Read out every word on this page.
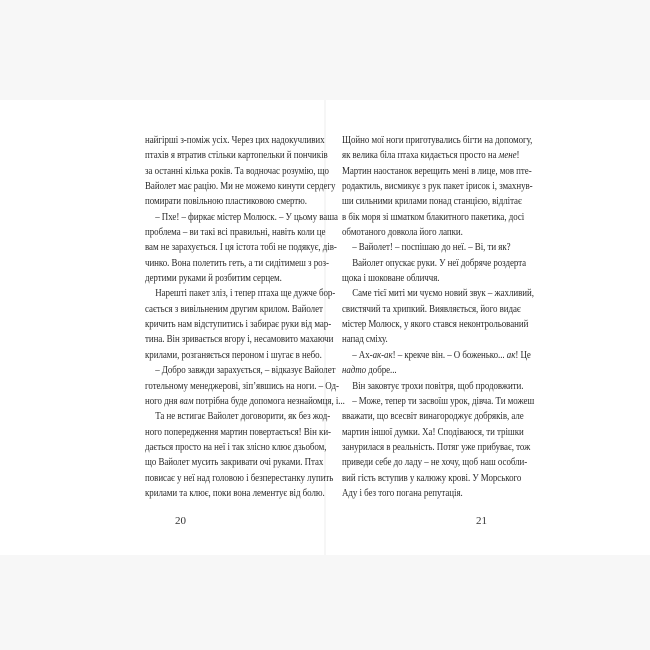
найгірші з-поміж усіх. Через цих надокучливих
птахів я втратив стільки картопельки й пончиків
за останні кілька років. Та водночас розумію, що
Вайолет має рацію. Ми не можемо кинути сердегу
помирати повільною пластиковою смертю.
– Пхе! – фиркає містер Молюск. – У цьому ваша
проблема – ви такі всі правильні, навіть коли це
вам не зарахується. І ця істота тобі не подякує, дів-
чинко. Вона полетить геть, а ти сидітимеш з роз-
дертими руками й розбитим серцем.
Нарешті пакет зліз, і тепер птаха ще дужче бор-
сається з вивільненим другим крилом. Вайолет
кричить нам відступитись і забирає руки від мар-
тина. Він зривається вгору і, несамовито махаючи
крилами, розганяється пероном і шугає в небо.
– Добро завжди зарахується, – відказує Вайолет
готельному менеджерові, зіп’явшись на ноги. – Од-
ного дня вам потрібна буде допомога незнайомця, і...
Та не встигає Вайолет договорити, як без жод-
ного попередження мартин повертається! Він ки-
дається просто на неї і так злісно клює дзьобом,
що Вайолет мусить закривати очі руками. Птах
повисає у неї над головою і безперестанку лупить
крилами та клює, поки вона лементує від болю.
20
Щойно мої ноги приготувались бігти на допомогу,
як велика біла птаха кидається просто на мене!
Мартин наостанок верещить мені в лице, мов пте-
родактиль, висмикує з рук пакет ірисок і, змахнув-
ши сильними крилами понад станцією, відлітає
в бік моря зі шматком блакитного пакетика, досі
обмотаного довкола його лапки.
– Вайолет! – поспішаю до неї. – Ві, ти як?
Вайолет опускає руки. У неї добряче роздерта
щока і шоковане обличчя.
Саме тієї миті ми чуємо новий звук – жахливий,
свистячий та хрипкий. Виявляється, його видає
містер Молюск, у якого стався неконтрольований
напад сміху.
– Ах-ак-ак! – крекче він. – О боженько... ак! Це
надто добре...
Він заковтує трохи повітря, щоб продовжити.
– Може, тепер ти засвоїш урок, дівча. Ти можеш
вважати, що всесвіт винагороджує добряків, але
мартин іншої думки. Ха! Сподіваюся, ти трішки
занурилася в реальність. Потяг уже прибуває, тож
приведи себе до ладу – не хочу, щоб наш особли-
вий гість вступив у калюжу крові. У Морського
Аду і без того погана репутація.
21
